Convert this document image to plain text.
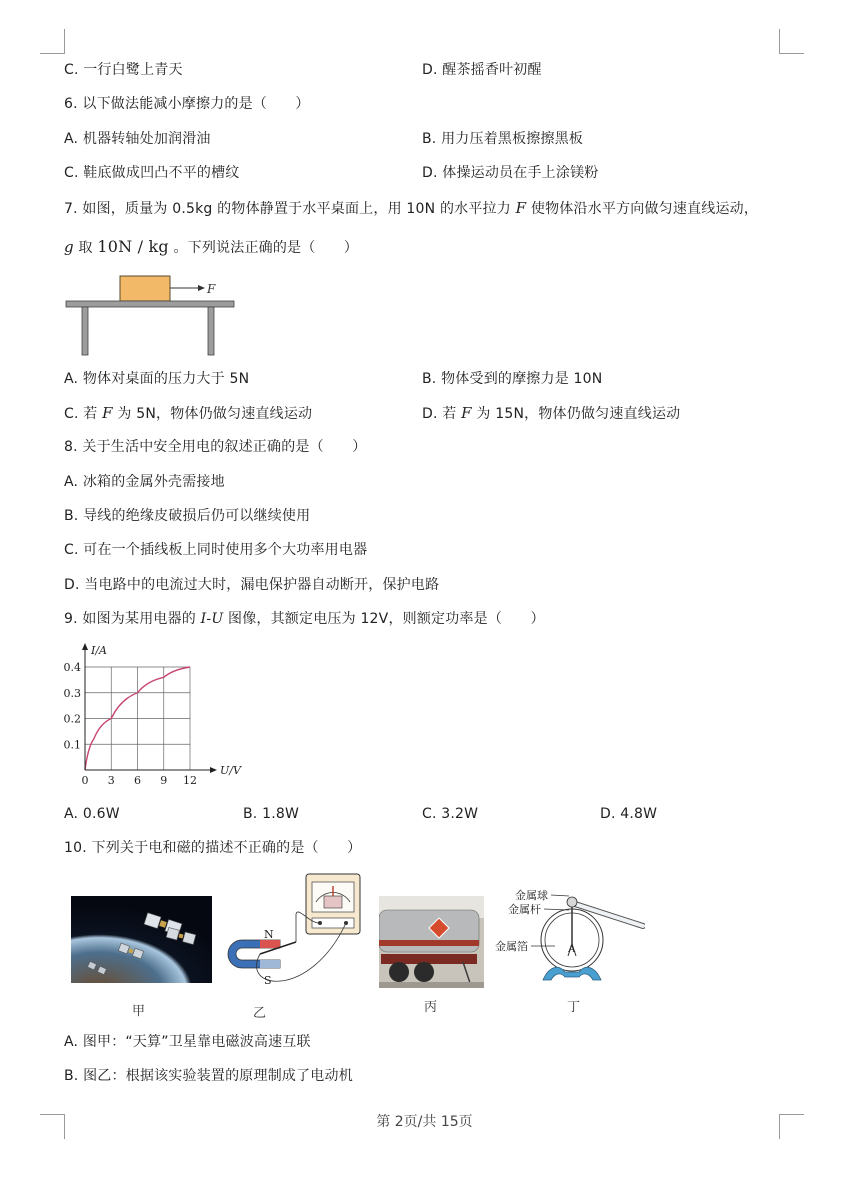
C. 一行白鹭上青天	D. 醒茶摇香叶初醒
6. 以下做法能减小摩擦力的是（　　）
A. 机器转轴处加润滑油	B. 用力压着黑板擦擦黑板
C. 鞋底做成凹凸不平的槽纹	D. 体操运动员在手上涂镁粉
7. 如图，质量为 0.5kg 的物体静置于水平桌面上，用 10N 的水平拉力 F 使物体沿水平方向做匀速直线运动，
g 取 10N / kg 。下列说法正确的是（　　）
F
A. 物体对桌面的压力大于 5N	B. 物体受到的摩擦力是 10N
C. 若 F 为 5N，物体仍做匀速直线运动	D. 若 F 为 15N，物体仍做匀速直线运动
8. 关于生活中安全用电的叙述正确的是（　　）
A. 冰箱的金属外壳需接地
B. 导线的绝缘皮破损后仍可以继续使用
C. 可在一个插线板上同时使用多个大功率用电器
D. 当电路中的电流过大时，漏电保护器自动断开，保护电路
9. 如图为某用电器的 I-U 图像，其额定电压为 12V，则额定功率是（　　）
0 3 6 9 12
0.1
0.2
0.3
0.4
U/V
I/A
A. 0.6W	B. 1.8W	C. 3.2W	D. 4.8W
10. 下列关于电和磁的描述不正确的是（　　）
甲
N
S
乙	丙
金属球
金属杆
金属箔	A
丁
A. 图甲：“天算”卫星靠电磁波高速互联
B. 图乙：根据该实验装置的原理制成了电动机
第 2页/共 15页
